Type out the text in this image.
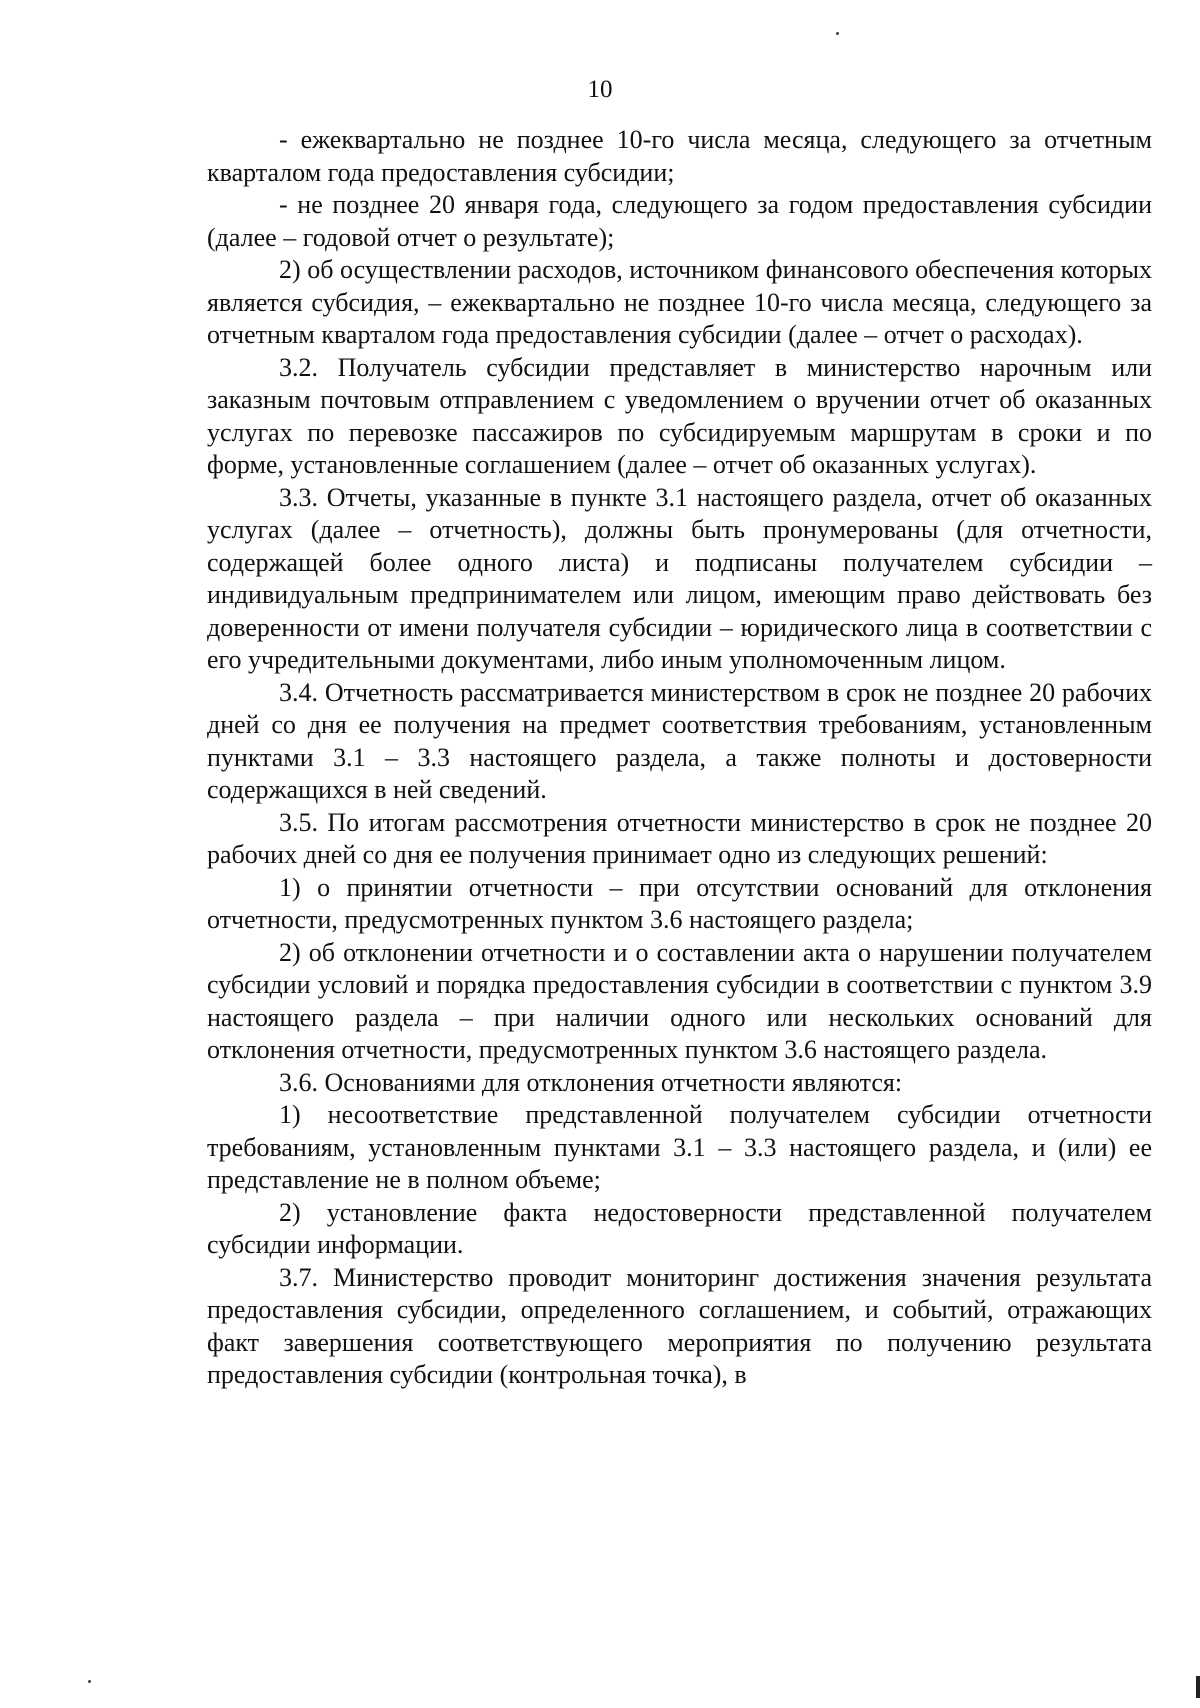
10

- ежеквартально не позднее 10-го числа месяца, следующего за отчетным кварталом года предоставления субсидии;

- не позднее 20 января года, следующего за годом предоставления субсидии (далее – годовой отчет о результате);

2) об осуществлении расходов, источником финансового обеспечения которых является субсидия, – ежеквартально не позднее 10-го числа месяца, следующего за отчетным кварталом года предоставления субсидии (далее – отчет о расходах).

3.2. Получатель субсидии представляет в министерство нарочным или заказным почтовым отправлением с уведомлением о вручении отчет об оказанных услугах по перевозке пассажиров по субсидируемым маршрутам в сроки и по форме, установленные соглашением (далее – отчет об оказанных услугах).

3.3. Отчеты, указанные в пункте 3.1 настоящего раздела, отчет об оказанных услугах (далее – отчетность), должны быть пронумерованы (для отчетности, содержащей более одного листа) и подписаны получателем субсидии – индивидуальным предпринимателем или лицом, имеющим право действовать без доверенности от имени получателя субсидии – юридического лица в соответствии с его учредительными документами, либо иным уполномоченным лицом.

3.4. Отчетность рассматривается министерством в срок не позднее 20 рабочих дней со дня ее получения на предмет соответствия требованиям, установленным пунктами 3.1 – 3.3 настоящего раздела, а также полноты и достоверности содержащихся в ней сведений.

3.5. По итогам рассмотрения отчетности министерство в срок не позднее 20 рабочих дней со дня ее получения принимает одно из следующих решений:

1) о принятии отчетности – при отсутствии оснований для отклонения отчетности, предусмотренных пунктом 3.6 настоящего раздела;

2) об отклонении отчетности и о составлении акта о нарушении получателем субсидии условий и порядка предоставления субсидии в соответствии с пунктом 3.9 настоящего раздела – при наличии одного или нескольких оснований для отклонения отчетности, предусмотренных пунктом 3.6 настоящего раздела.

3.6. Основаниями для отклонения отчетности являются:

1) несоответствие представленной получателем субсидии отчетности требованиям, установленным пунктами 3.1 – 3.3 настоящего раздела, и (или) ее представление не в полном объеме;

2) установление факта недостоверности представленной получателем субсидии информации.

3.7. Министерство проводит мониторинг достижения значения результата предоставления субсидии, определенного соглашением, и событий, отражающих факт завершения соответствующего мероприятия по получению результата предоставления субсидии (контрольная точка), в
